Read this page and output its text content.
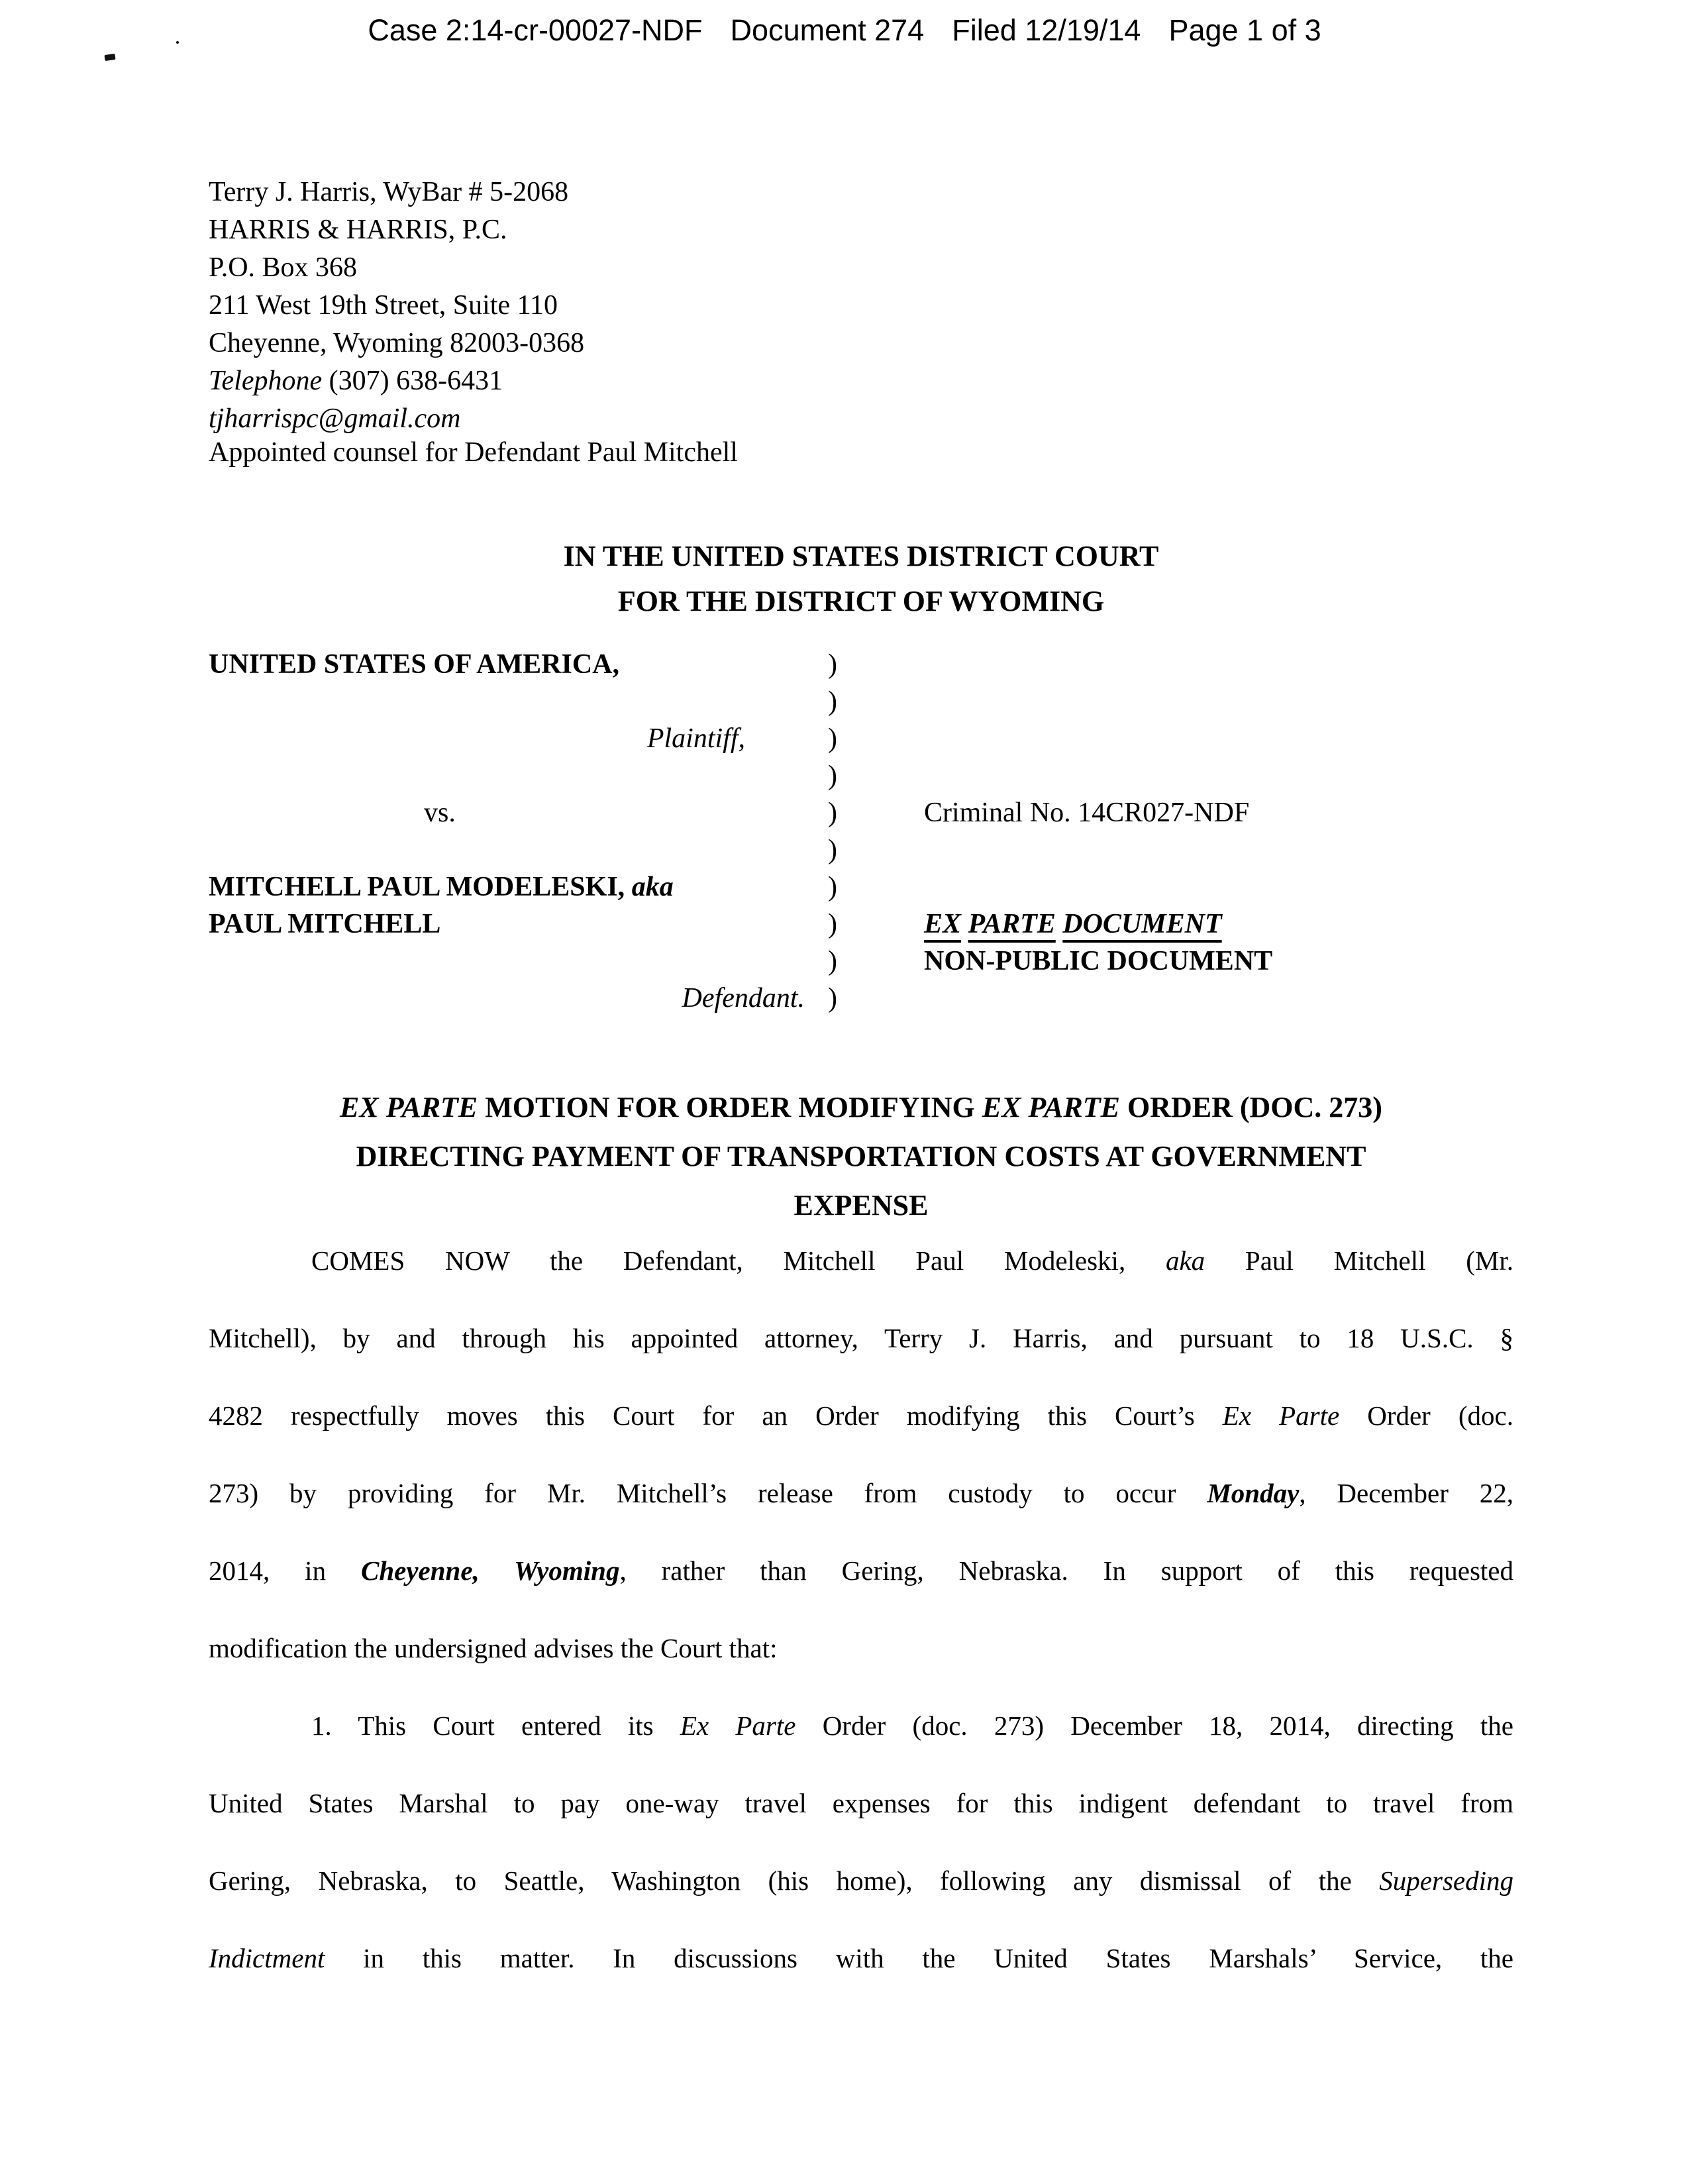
Case 2:14-cr-00027-NDF Document 274 Filed 12/19/14 Page 1 of 3
Terry J. Harris, WyBar # 5-2068
HARRIS & HARRIS, P.C.
P.O. Box 368
211 West 19th Street, Suite 110
Cheyenne, Wyoming 82003-0368
Telephone (307) 638-6431
tjharrispc@gmail.com
Appointed counsel for Defendant Paul Mitchell
IN THE UNITED STATES DISTRICT COURT
FOR THE DISTRICT OF WYOMING
UNITED STATES OF AMERICA,	)
)
Plaintiff,	)
)
vs.	)	Criminal No. 14CR027-NDF
)
MITCHELL PAUL MODELESKI, aka	)
PAUL MITCHELL	)	EX PARTE DOCUMENT
)	NON-PUBLIC DOCUMENT
Defendant. )
EX PARTE MOTION FOR ORDER MODIFYING EX PARTE ORDER (DOC. 273)
DIRECTING PAYMENT OF TRANSPORTATION COSTS AT GOVERNMENT
EXPENSE
COMES NOW the Defendant, Mitchell Paul Modeleski, aka Paul Mitchell (Mr.
Mitchell), by and through his appointed attorney, Terry J. Harris, and pursuant to 18 U.S.C. §
4282 respectfully moves this Court for an Order modifying this Court’s Ex Parte Order (doc.
273) by providing for Mr. Mitchell’s release from custody to occur Monday, December 22,
2014, in Cheyenne, Wyoming, rather than Gering, Nebraska. In support of this requested
modification the undersigned advises the Court that:
1. This Court entered its Ex Parte Order (doc. 273) December 18, 2014, directing the
United States Marshal to pay one-way travel expenses for this indigent defendant to travel from
Gering, Nebraska, to Seattle, Washington (his home), following any dismissal of the Superseding
Indictment in this matter. In discussions with the United States Marshals’ Service, the
